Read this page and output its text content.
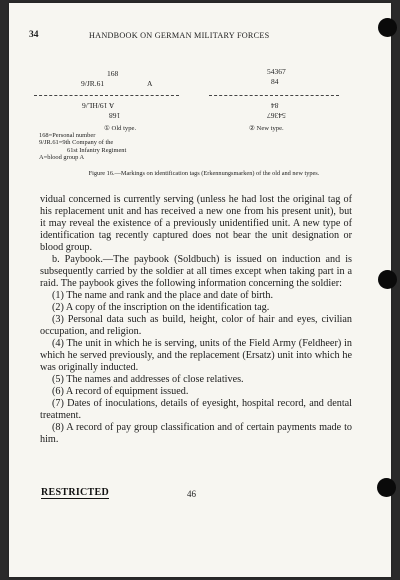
34	HANDBOOK ON GERMAN MILITARY FORCES
168
9/JR.61	A
54367
84
A 19/HL/6
168
84
54367
① Old type.	② New type.
168=Personal number
9/JR.61=9th Company of the
61st Infantry Regiment
A=blood group A
Figure 16.—Markings on identification tags (Erkennungsmarken) of the old and new types.

vidual concerned is currently serving (unless he had lost the original tag of his replacement unit and has received a new one from his present unit), but it may reveal the existence of a previously unidentified unit. A new type of identification tag recently captured does not bear the unit designation or blood group.

b. Paybook.—The paybook (Soldbuch) is issued on induction and is subsequently carried by the soldier at all times except when taking part in a raid. The paybook gives the following information concerning the soldier:

(1) The name and rank and the place and date of birth.

(2) A copy of the inscription on the identification tag.

(3) Personal data such as build, height, color of hair and eyes, civilian occupation, and religion.

(4) The unit in which he is serving, units of the Field Army (Feldheer) in which he served previously, and the replacement (Ersatz) unit into which he was originally inducted.

(5) The names and addresses of close relatives.

(6) A record of equipment issued.

(7) Dates of inoculations, details of eyesight, hospital record, and dental treatment.

(8) A record of pay group classification and of certain payments made to him.

RESTRICTED	46
